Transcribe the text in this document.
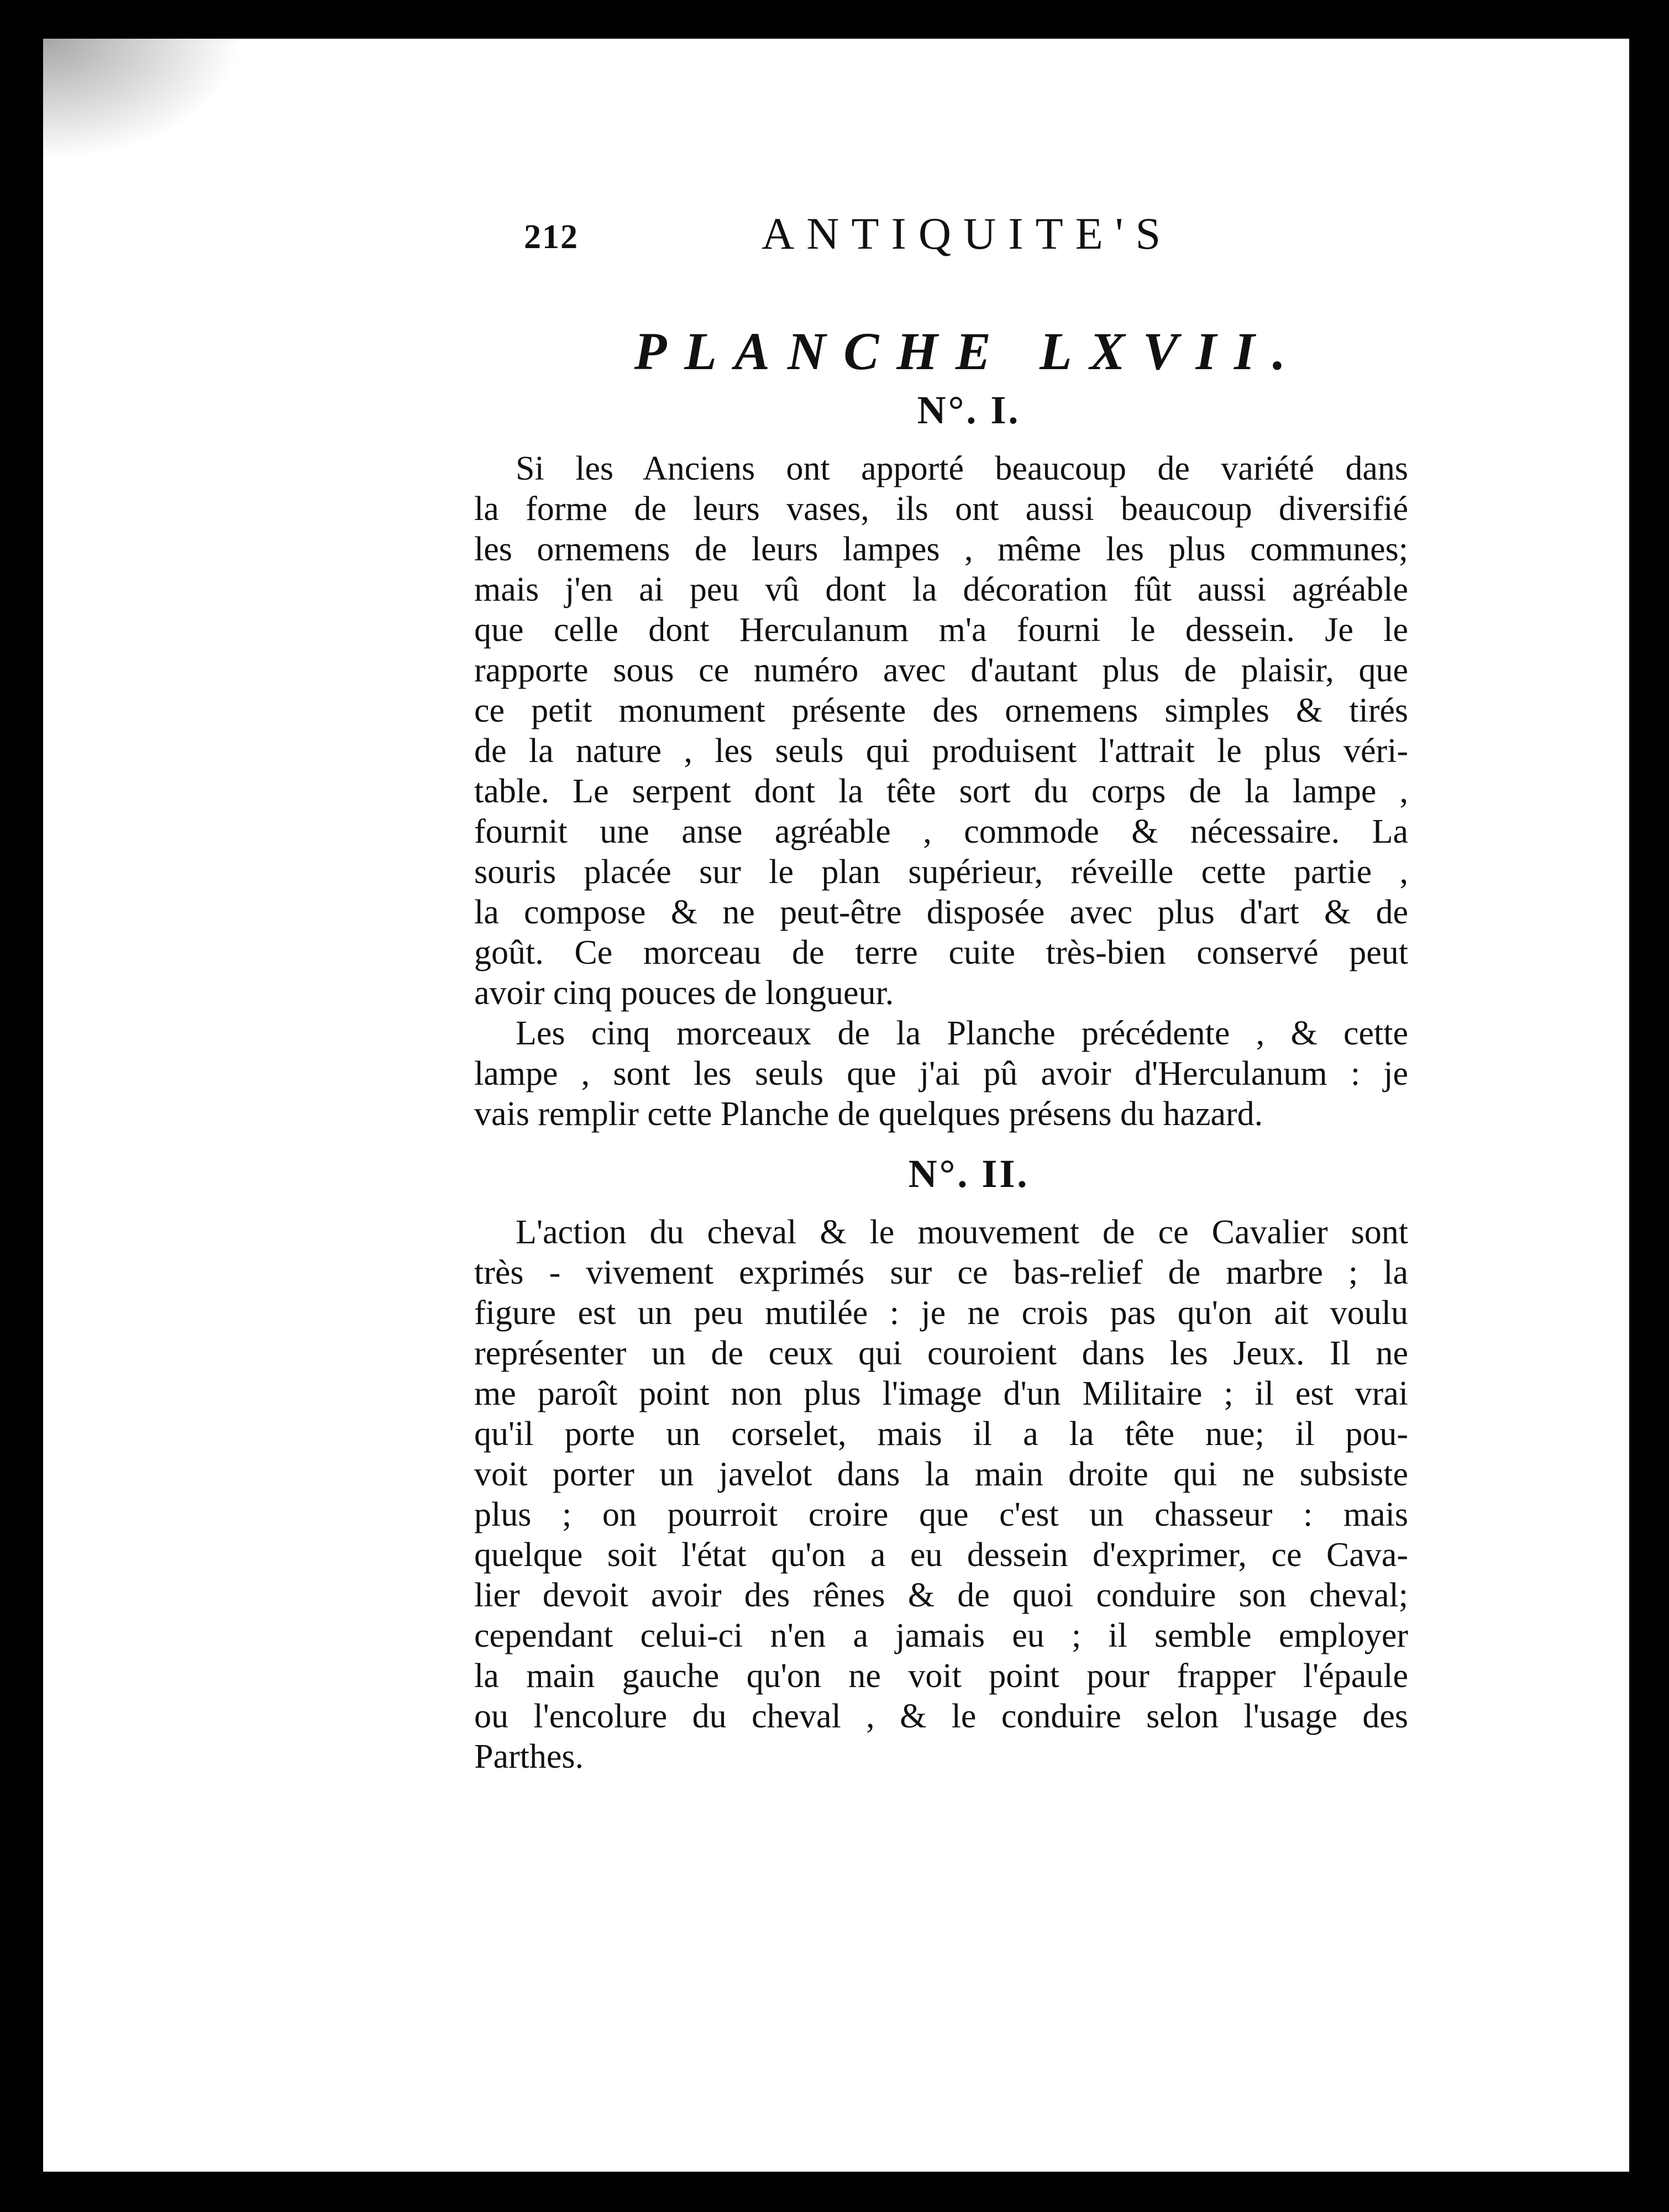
212	ANTIQUITE'S
PLANCHE LXVII.
N°. I.
Si les Anciens ont apporté beaucoup de variété dans
la forme de leurs vases, ils ont aussi beaucoup diversifié
les ornemens de leurs lampes , même les plus communes;
mais j'en ai peu vû dont la décoration fût aussi agréable
que celle dont Herculanum m'a fourni le dessein. Je le
rapporte sous ce numéro avec d'autant plus de plaisir, que
ce petit monument présente des ornemens simples & tirés
de la nature , les seuls qui produisent l'attrait le plus véri-
table. Le serpent dont la tête sort du corps de la lampe ,
fournit une anse agréable , commode & nécessaire. La
souris placée sur le plan supérieur, réveille cette partie ,
la compose & ne peut-être disposée avec plus d'art & de
goût. Ce morceau de terre cuite très-bien conservé peut
avoir cinq pouces de longueur.
Les cinq morceaux de la Planche précédente , & cette
lampe , sont les seuls que j'ai pû avoir d'Herculanum : je
vais remplir cette Planche de quelques présens du hazard.
N°. II.
L'action du cheval & le mouvement de ce Cavalier sont
très - vivement exprimés sur ce bas-relief de marbre ; la
figure est un peu mutilée : je ne crois pas qu'on ait voulu
représenter un de ceux qui couroient dans les Jeux. Il ne
me paroît point non plus l'image d'un Militaire ; il est vrai
qu'il porte un corselet, mais il a la tête nue; il pou-
voit porter un javelot dans la main droite qui ne subsiste
plus ; on pourroit croire que c'est un chasseur : mais
quelque soit l'état qu'on a eu dessein d'exprimer, ce Cava-
lier devoit avoir des rênes & de quoi conduire son cheval;
cependant celui-ci n'en a jamais eu ; il semble employer
la main gauche qu'on ne voit point pour frapper l'épaule
ou l'encolure du cheval , & le conduire selon l'usage des
Parthes.
